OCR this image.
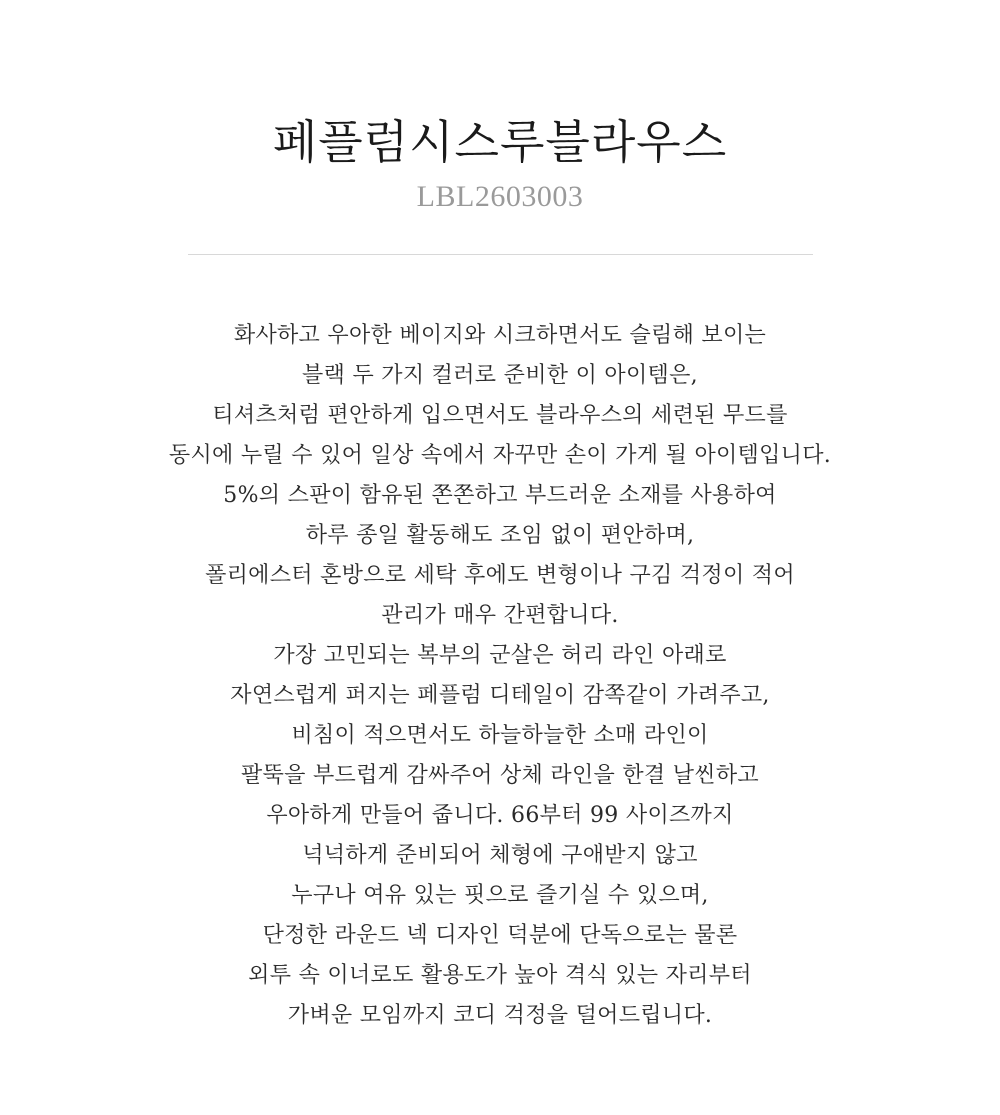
페플럼시스루블라우스
LBL2603003
화사하고 우아한 베이지와 시크하면서도 슬림해 보이는
블랙 두 가지 컬러로 준비한 이 아이템은,
티셔츠처럼 편안하게 입으면서도 블라우스의 세련된 무드를
동시에 누릴 수 있어 일상 속에서 자꾸만 손이 가게 될 아이템입니다.
5%의 스판이 함유된 쫀쫀하고 부드러운 소재를 사용하여
하루 종일 활동해도 조임 없이 편안하며,
폴리에스터 혼방으로 세탁 후에도 변형이나 구김 걱정이 적어
관리가 매우 간편합니다.
가장 고민되는 복부의 군살은 허리 라인 아래로
자연스럽게 퍼지는 페플럼 디테일이 감쪽같이 가려주고,
비침이 적으면서도 하늘하늘한 소매 라인이
팔뚝을 부드럽게 감싸주어 상체 라인을 한결 날씬하고
우아하게 만들어 줍니다. 66부터 99 사이즈까지
넉넉하게 준비되어 체형에 구애받지 않고
누구나 여유 있는 핏으로 즐기실 수 있으며,
단정한 라운드 넥 디자인 덕분에 단독으로는 물론
외투 속 이너로도 활용도가 높아 격식 있는 자리부터
가벼운 모임까지 코디 걱정을 덜어드립니다.
